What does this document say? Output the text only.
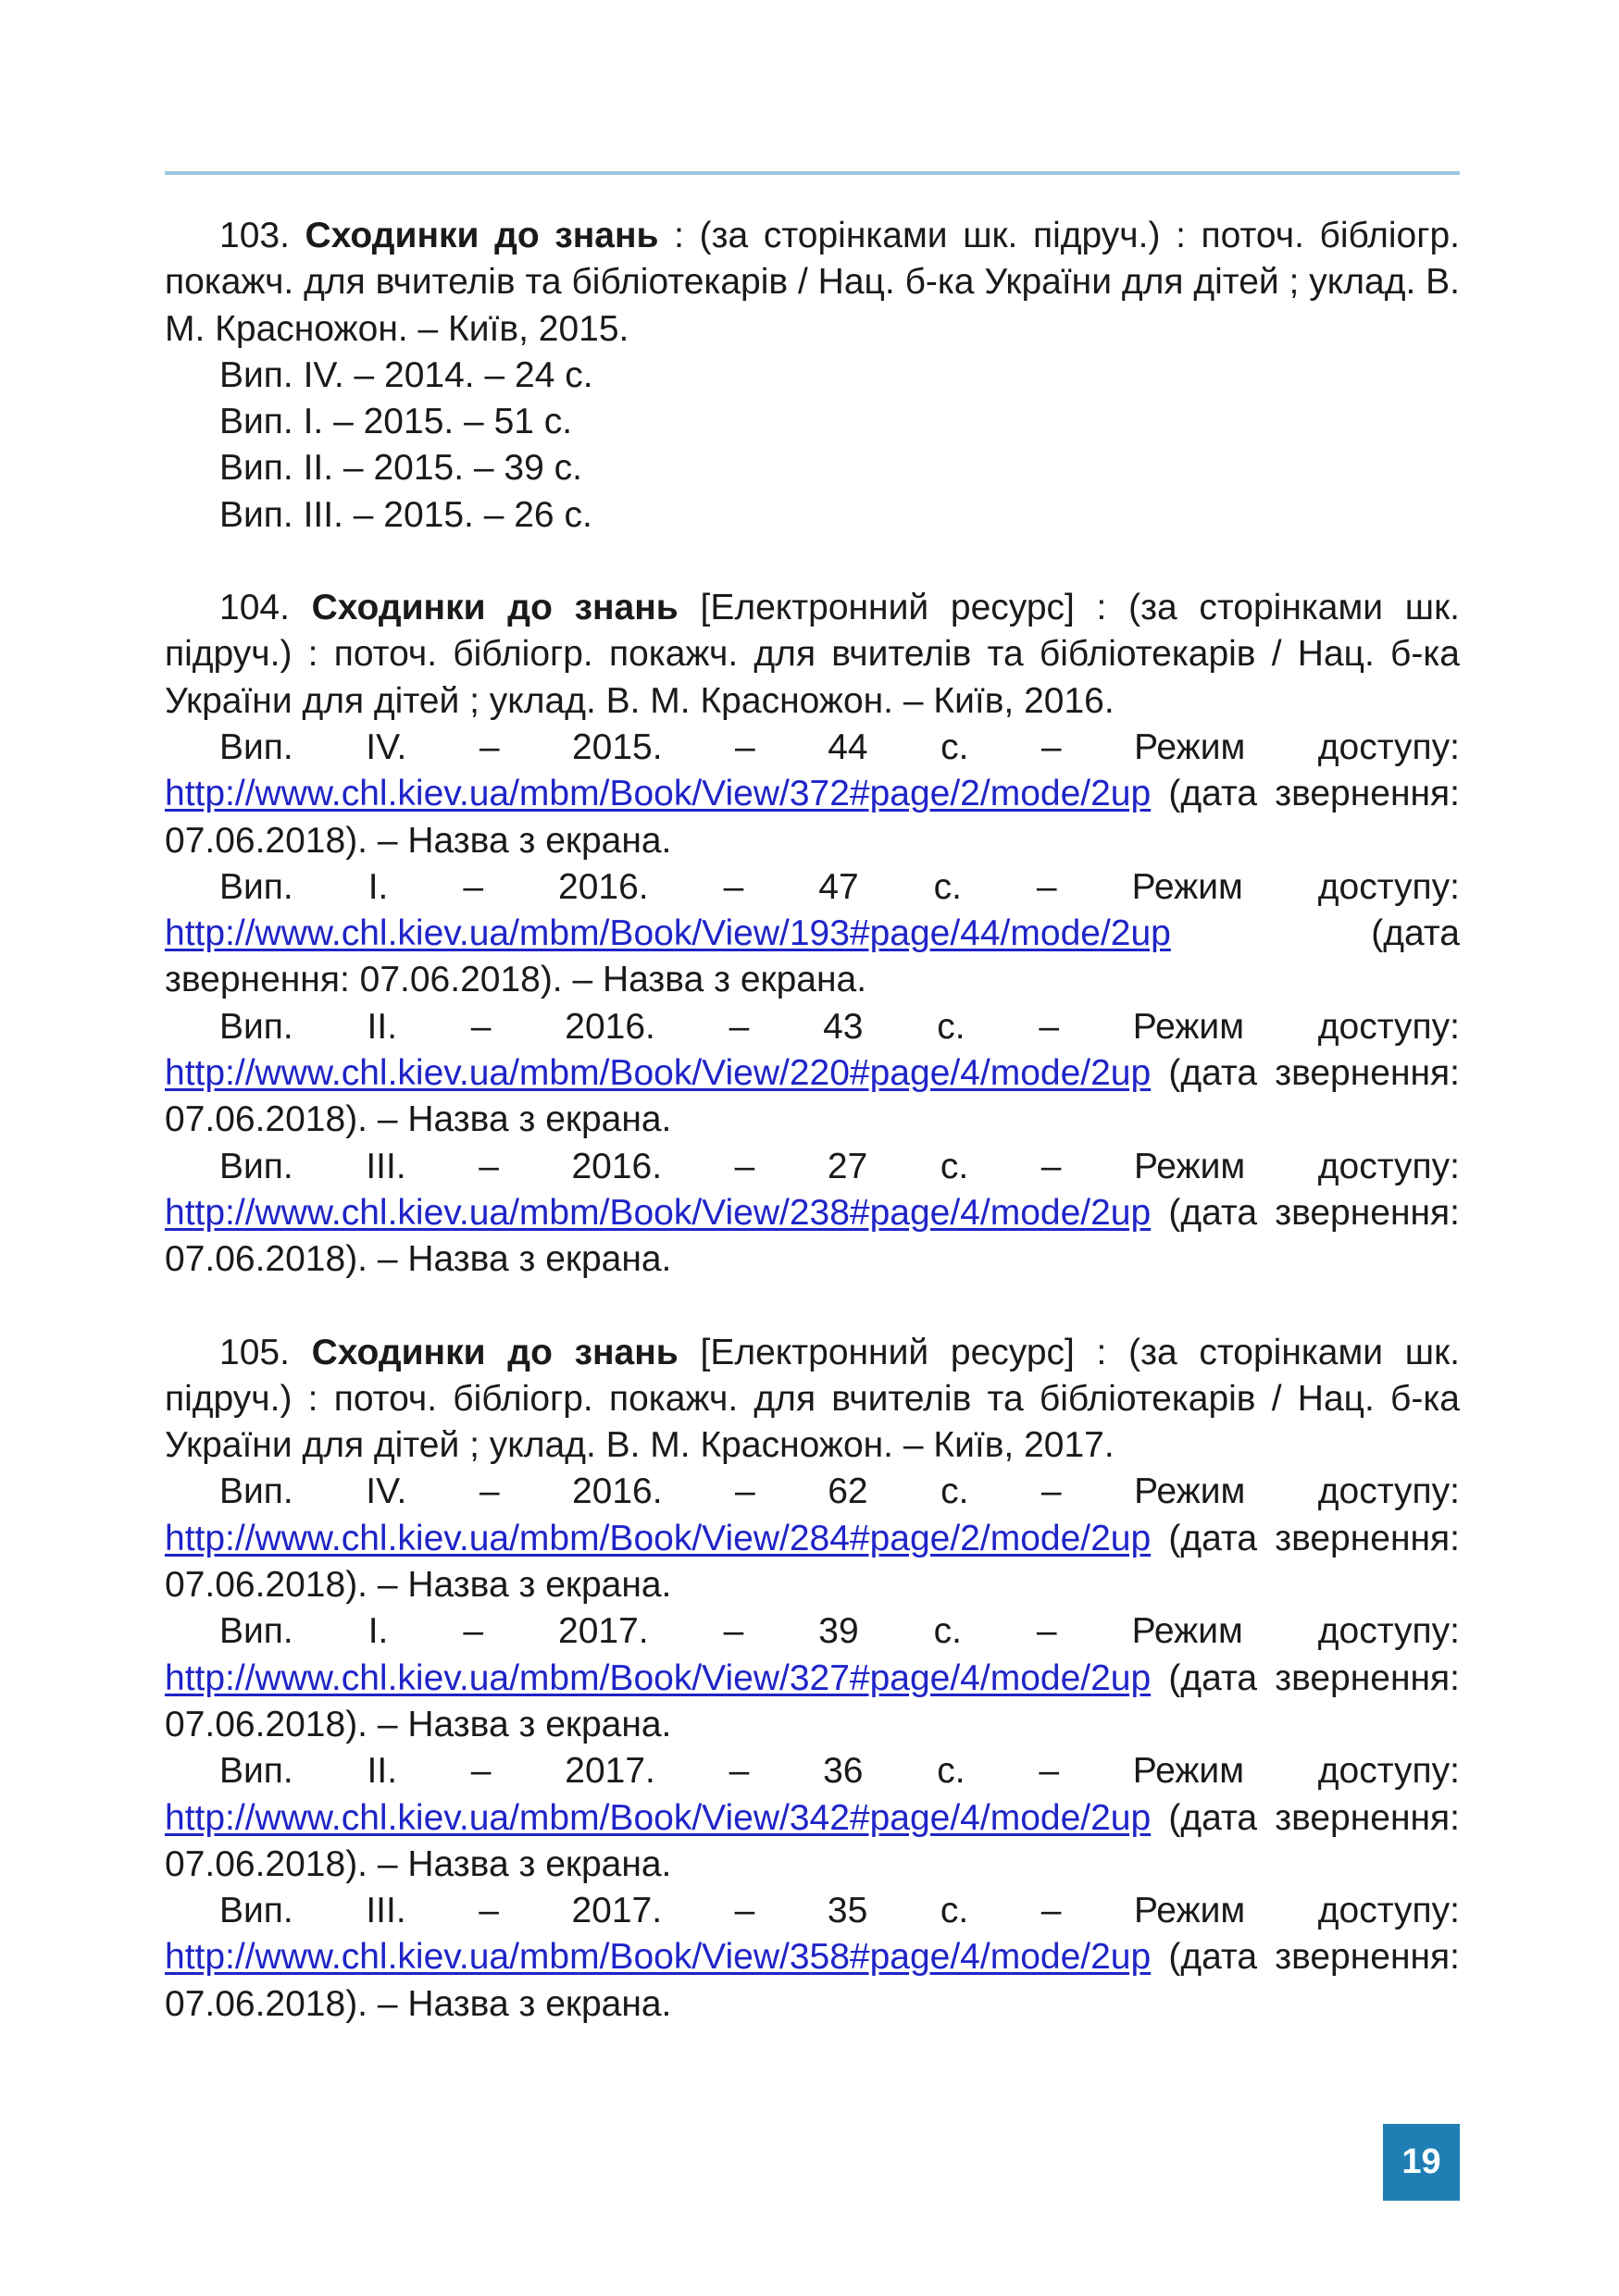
103. Сходинки до знань : (за сторінками шк. підруч.) : поточ. бібліогр. покажч. для вчителів та бібліотекарів / Нац. б-ка України для дітей ; уклад. В. М. Красножон. – Київ, 2015.

Вип. IV. – 2014. – 24 с.

Вип. I. – 2015. – 51 с.

Вип. II. – 2015. – 39 с.

Вип. III. – 2015. – 26 с.

104. Сходинки до знань [Електронний ресурс] : (за сторінками шк. підруч.) : поточ. бібліогр. покажч. для вчителів та бібліотекарів / Нац. б-ка України для дітей ; уклад. В. М. Красножон. – Київ, 2016.

Вип. IV. – 2015. – 44 с. – Режим доступу: http://www.chl.kiev.ua/mbm/Book/View/372#page/2/mode/2up (дата звернення: 07.06.2018). – Назва з екрана.

Вип. I. – 2016. – 47 с. – Режим доступу: http://www.chl.kiev.ua/mbm/Book/View/193#page/44/mode/2up (дата звернення: 07.06.2018). – Назва з екрана.

Вип. II. – 2016. – 43 с. – Режим доступу: http://www.chl.kiev.ua/mbm/Book/View/220#page/4/mode/2up (дата звернення: 07.06.2018). – Назва з екрана.

Вип. III. – 2016. – 27 с. – Режим доступу: http://www.chl.kiev.ua/mbm/Book/View/238#page/4/mode/2up (дата звернення: 07.06.2018). – Назва з екрана.

105. Сходинки до знань [Електронний ресурс] : (за сторінками шк. підруч.) : поточ. бібліогр. покажч. для вчителів та бібліотекарів / Нац. б-ка України для дітей ; уклад. В. М. Красножон. – Київ, 2017.

Вип. IV. – 2016. – 62 с. – Режим доступу: http://www.chl.kiev.ua/mbm/Book/View/284#page/2/mode/2up (дата звернення: 07.06.2018). – Назва з екрана.

Вип. I. – 2017. – 39 с. – Режим доступу: http://www.chl.kiev.ua/mbm/Book/View/327#page/4/mode/2up (дата звернення: 07.06.2018). – Назва з екрана.

Вип. II. – 2017. – 36 с. – Режим доступу: http://www.chl.kiev.ua/mbm/Book/View/342#page/4/mode/2up (дата звернення: 07.06.2018). – Назва з екрана.

Вип. III. – 2017. – 35 с. – Режим доступу: http://www.chl.kiev.ua/mbm/Book/View/358#page/4/mode/2up (дата звернення: 07.06.2018). – Назва з екрана.

19
